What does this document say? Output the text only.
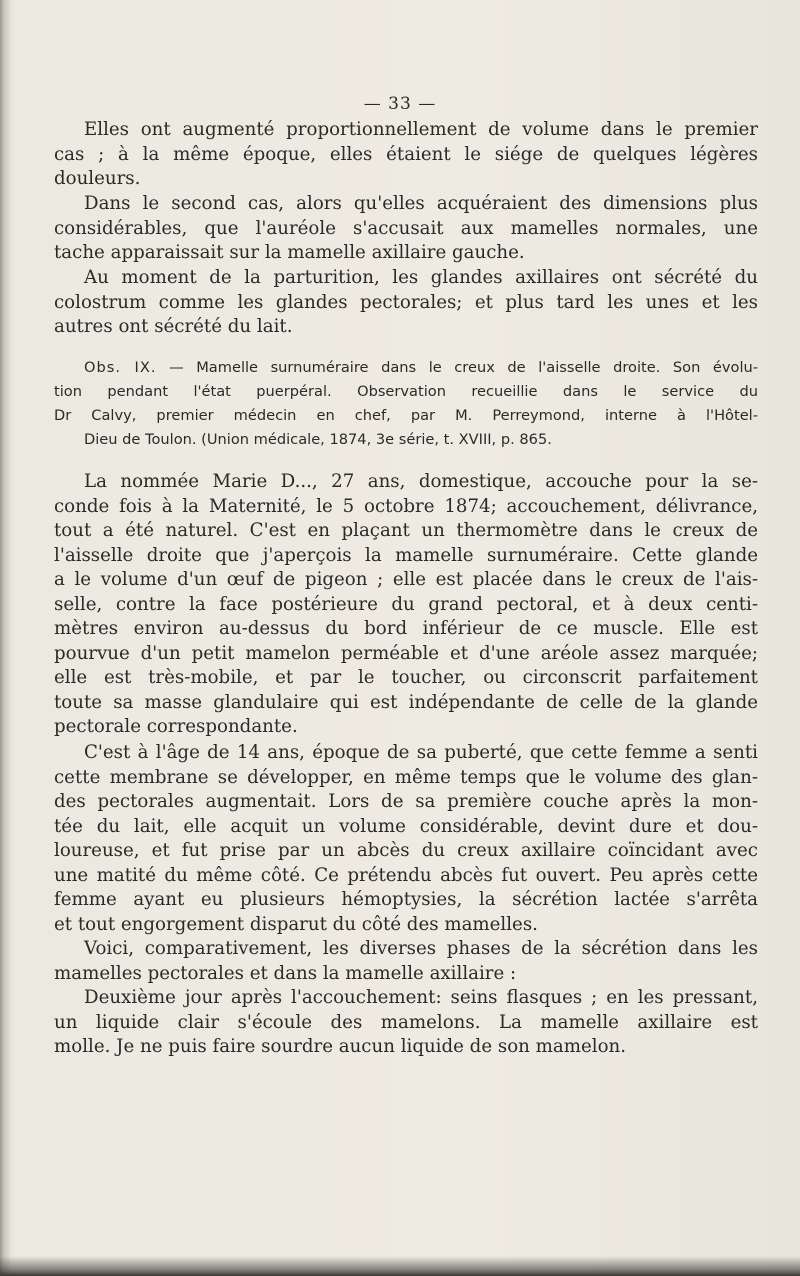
— 33 —
Elles ont augmenté proportionnellement de volume dans le premier
cas ; à la même époque, elles étaient le siége de quelques légères
douleurs.
Dans le second cas, alors qu'elles acquéraient des dimensions plus
considérables, que l'auréole s'accusait aux mamelles normales, une
tache apparaissait sur la mamelle axillaire gauche.
Au moment de la parturition, les glandes axillaires ont sécrété du
colostrum comme les glandes pectorales; et plus tard les unes et les
autres ont sécrété du lait.
Obs. IX. — Mamelle surnuméraire dans le creux de l'aisselle droite. Son évolu-
tion pendant l'état puerpéral. Observation recueillie dans le service du
Dr Calvy, premier médecin en chef, par M. Perreymond, interne à l'Hôtel-
Dieu de Toulon. (Union médicale, 1874, 3e série, t. XVIII, p. 865.
La nommée Marie D..., 27 ans, domestique, accouche pour la se-
conde fois à la Maternité, le 5 octobre 1874; accouchement, délivrance,
tout a été naturel. C'est en plaçant un thermomètre dans le creux de
l'aisselle droite que j'aperçois la mamelle surnuméraire. Cette glande
a le volume d'un œuf de pigeon ; elle est placée dans le creux de l'ais-
selle, contre la face postérieure du grand pectoral, et à deux centi-
mètres environ au-dessus du bord inférieur de ce muscle. Elle est
pourvue d'un petit mamelon perméable et d'une aréole assez marquée;
elle est très-mobile, et par le toucher, ou circonscrit parfaitement
toute sa masse glandulaire qui est indépendante de celle de la glande
pectorale correspondante.
C'est à l'âge de 14 ans, époque de sa puberté, que cette femme a senti
cette membrane se développer, en même temps que le volume des glan-
des pectorales augmentait. Lors de sa première couche après la mon-
tée du lait, elle acquit un volume considérable, devint dure et dou-
loureuse, et fut prise par un abcès du creux axillaire coïncidant avec
une matité du même côté. Ce prétendu abcès fut ouvert. Peu après cette
femme ayant eu plusieurs hémoptysies, la sécrétion lactée s'arrêta
et tout engorgement disparut du côté des mamelles.
Voici, comparativement, les diverses phases de la sécrétion dans les
mamelles pectorales et dans la mamelle axillaire :
Deuxième jour après l'accouchement: seins flasques ; en les pressant,
un liquide clair s'écoule des mamelons. La mamelle axillaire est
molle. Je ne puis faire sourdre aucun liquide de son mamelon.
